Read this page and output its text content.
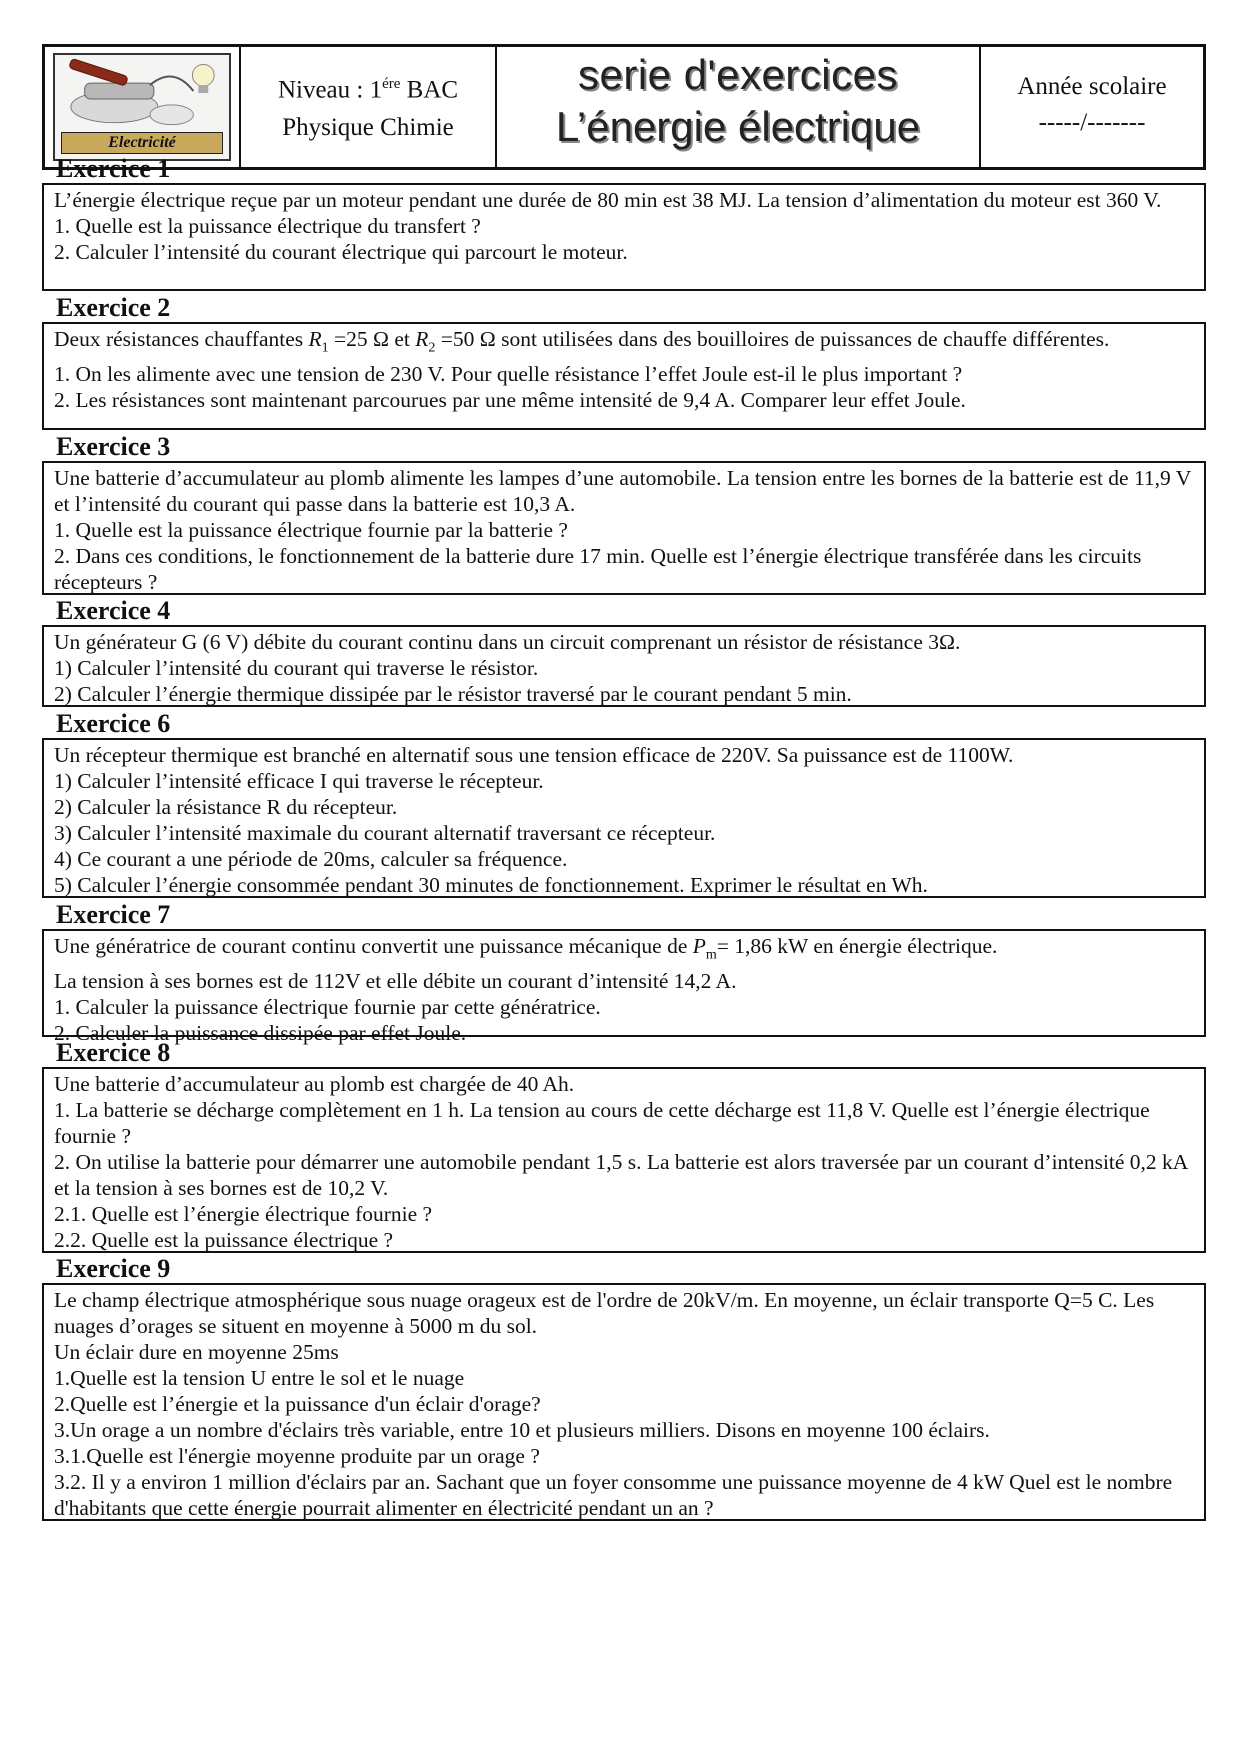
Electricité
Niveau : $1^{ére}$ BAC
Physique Chimie
serie d'exercices
L’énergie électrique
Année scolaire
-----/-------
Exercice 1

L’énergie électrique reçue par un moteur pendant une durée de 80 min est 38 MJ. La tension d’alimentation du moteur est 360 V.

1. Quelle est la puissance électrique du transfert ?

2. Calculer l’intensité du courant électrique qui parcourt le moteur.

Exercice 2

Deux résistances chauffantes $R_1 =25$ Ω et $R_2 =50$ Ω sont utilisées dans des bouilloires de puissances de chauffe différentes.

1. On les alimente avec une tension de 230 V. Pour quelle résistance l’effet Joule est-il le plus important ?

2. Les résistances sont maintenant parcourues par une même intensité de 9,4 A. Comparer leur effet Joule.

Exercice 3

Une batterie d’accumulateur au plomb alimente les lampes d’une automobile. La tension entre les bornes de la batterie est de 11,9 V et l’intensité du courant qui passe dans la batterie est 10,3 A.

1. Quelle est la puissance électrique fournie par la batterie ?

2. Dans ces conditions, le fonctionnement de la batterie dure 17 min. Quelle est l’énergie électrique transférée dans les circuits récepteurs ?

Exercice 4

Un générateur G (6 V) débite du courant continu dans un circuit comprenant un résistor de résistance 3Ω.

1) Calculer l’intensité du courant qui traverse le résistor.

2) Calculer l’énergie thermique dissipée par le résistor traversé par le courant pendant 5 min.

Exercice 6

Un récepteur thermique est branché en alternatif sous une tension efficace de 220V. Sa puissance est de 1100W.

1) Calculer l’intensité efficace I qui traverse le récepteur.

2) Calculer la résistance R du récepteur.

3) Calculer l’intensité maximale du courant alternatif traversant ce récepteur.

4) Ce courant a une période de 20ms, calculer sa fréquence.

5) Calculer l’énergie consommée pendant 30 minutes de fonctionnement. Exprimer le résultat en Wh.

Exercice 7

Une génératrice de courant continu convertit une puissance mécanique de $P_m= 1,86$ kW en énergie électrique.

La tension à ses bornes est de 112V et elle débite un courant d’intensité 14,2 A.

1. Calculer la puissance électrique fournie par cette génératrice.

2. Calculer la puissance dissipée par effet Joule.

Exercice 8

Une batterie d’accumulateur au plomb est chargée de 40 Ah.

1. La batterie se décharge complètement en 1 h. La tension au cours de cette décharge est 11,8 V. Quelle est l’énergie électrique fournie ?

2. On utilise la batterie pour démarrer une automobile pendant 1,5 s. La batterie est alors traversée par un courant d’intensité 0,2 kA et la tension à ses bornes est de 10,2 V.

2.1. Quelle est l’énergie électrique fournie ?

2.2. Quelle est la puissance électrique ?

Exercice 9

Le champ électrique atmosphérique sous nuage orageux est de l'ordre de 20kV/m. En moyenne, un éclair transporte Q=5 C. Les nuages d’orages se situent en moyenne à 5000 m du sol.

Un éclair dure en moyenne 25ms

1.Quelle est la tension U entre le sol et le nuage

2.Quelle est l’énergie et la puissance d'un éclair d'orage?

3.Un orage a un nombre d'éclairs très variable, entre 10 et plusieurs milliers. Disons en moyenne 100 éclairs.

3.1.Quelle est l'énergie moyenne produite par un orage ?

3.2. Il y a environ 1 million d'éclairs par an. Sachant que un foyer consomme une puissance moyenne de 4 kW Quel est le nombre d'habitants que cette énergie pourrait alimenter en électricité pendant un an ?
